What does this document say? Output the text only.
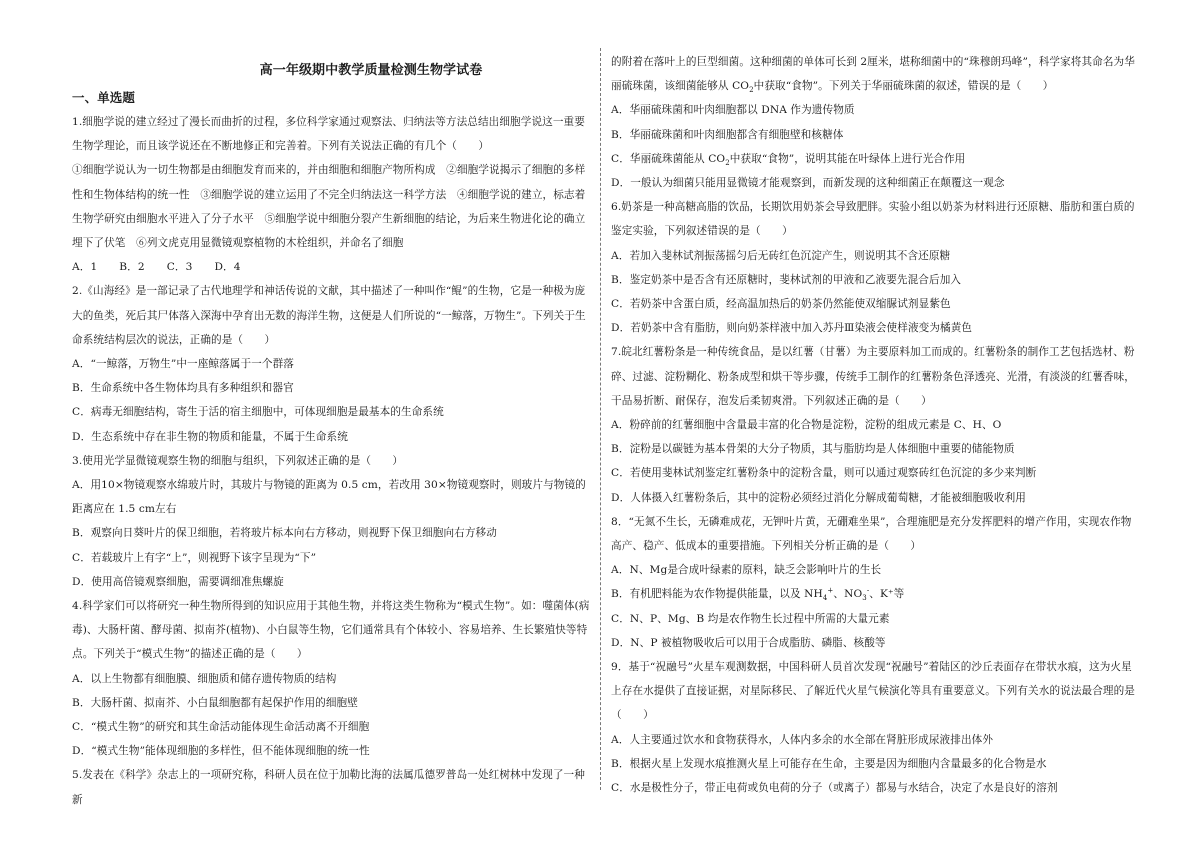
高一年级期中教学质量检测生物学试卷

一、单选题

1.细胞学说的建立经过了漫长而曲折的过程，多位科学家通过观察法、归纳法等方法总结出细胞学说这一重要生物学理论，而且该学说还在不断地修正和完善着。下列有关说法正确的有几个（　　）

①细胞学说认为一切生物都是由细胞发育而来的，并由细胞和细胞产物所构成　②细胞学说揭示了细胞的多样性和生物体结构的统一性　③细胞学说的建立运用了不完全归纳法这一科学方法　④细胞学说的建立，标志着生物学研究由细胞水平进入了分子水平　⑤细胞学说中细胞分裂产生新细胞的结论，为后来生物进化论的确立埋下了伏笔　⑥列文虎克用显微镜观察植物的木栓组织，并命名了细胞

A．1 B．2 C．3 D．4

2.《山海经》是一部记录了古代地理学和神话传说的文献，其中描述了一种叫作“鲲”的生物，它是一种极为庞大的鱼类，死后其尸体落入深海中孕育出无数的海洋生物，这便是人们所说的“一鲸落，万物生”。下列关于生命系统结构层次的说法，正确的是（　　）

A．“一鲸落，万物生”中一座鲸落属于一个群落

B．生命系统中各生物体均具有多种组织和器官

C．病毒无细胞结构，寄生于活的宿主细胞中，可体现细胞是最基本的生命系统

D．生态系统中存在非生物的物质和能量，不属于生命系统

3.使用光学显微镜观察生物的细胞与组织，下列叙述正确的是（　　）

A．用10×物镜观察水绵玻片时，其玻片与物镜的距离为 0.5 cm，若改用 30×物镜观察时，则玻片与物镜的距离应在 1.5 cm左右

B．观察向日葵叶片的保卫细胞，若将玻片标本向右方移动，则视野下保卫细胞向右方移动

C．若载玻片上有字“上”，则视野下该字呈现为“下”

D．使用高倍镜观察细胞，需要调细准焦螺旋

4.科学家们可以将研究一种生物所得到的知识应用于其他生物，并将这类生物称为“模式生物”。如：噬菌体(病毒)、大肠杆菌、酵母菌、拟南芥(植物)、小白鼠等生物，它们通常具有个体较小、容易培养、生长繁殖快等特点。下列关于“模式生物”的描述正确的是（　　）

A．以上生物都有细胞膜、细胞质和储存遗传物质的结构

B．大肠杆菌、拟南芥、小白鼠细胞都有起保护作用的细胞壁

C．“模式生物”的研究和其生命活动能体现生命活动离不开细胞

D．“模式生物”能体现细胞的多样性，但不能体现细胞的统一性

5.发表在《科学》杂志上的一项研究称，科研人员在位于加勒比海的法属瓜德罗普岛一处红树林中发现了一种新

的附着在落叶上的巨型细菌。这种细菌的单体可长到 2厘米，堪称细菌中的“珠穆朗玛峰”，科学家将其命名为华丽硫珠菌，该细菌能够从 $CO_2$中获取“食物”。下列关于华丽硫珠菌的叙述，错误的是（　　）

A．华丽硫珠菌和叶肉细胞都以 DNA 作为遗传物质

B．华丽硫珠菌和叶肉细胞都含有细胞壁和核糖体

C．华丽硫珠菌能从 $CO_2$中获取“食物”，说明其能在叶绿体上进行光合作用

D．一般认为细菌只能用显微镜才能观察到，而新发现的这种细菌正在颠覆这一观念

6.奶茶是一种高糖高脂的饮品，长期饮用奶茶会导致肥胖。实验小组以奶茶为材料进行还原糖、脂肪和蛋白质的鉴定实验，下列叙述错误的是（　　）

A．若加入斐林试剂振荡摇匀后无砖红色沉淀产生，则说明其不含还原糖

B．鉴定奶茶中是否含有还原糖时，斐林试剂的甲液和乙液要先混合后加入

C．若奶茶中含蛋白质，经高温加热后的奶茶仍然能使双缩脲试剂显紫色

D．若奶茶中含有脂肪，则向奶茶样液中加入苏丹Ⅲ染液会使样液变为橘黄色

7.皖北红薯粉条是一种传统食品，是以红薯（甘薯）为主要原料加工而成的。红薯粉条的制作工艺包括选材、粉碎、过滤、淀粉糊化、粉条成型和烘干等步骤，传统手工制作的红薯粉条色泽透亮、光滑，有淡淡的红薯香味，干品易折断、耐保存，泡发后柔韧爽滑。下列叙述正确的是（　　）

A．粉碎前的红薯细胞中含量最丰富的化合物是淀粉，淀粉的组成元素是 C、H、O

B．淀粉是以碳链为基本骨架的大分子物质，其与脂肪均是人体细胞中重要的储能物质

C．若使用斐林试剂鉴定红薯粉条中的淀粉含量，则可以通过观察砖红色沉淀的多少来判断

D．人体摄入红薯粉条后，其中的淀粉必须经过消化分解成葡萄糖，才能被细胞吸收利用

8．“无氮不生长，无磷难成花，无钾叶片黄，无硼难坐果”，合理施肥是充分发挥肥料的增产作用，实现农作物高产、稳产、低成本的重要措施。下列相关分析正确的是（　　）

A．N、Mg是合成叶绿素的原料，缺乏会影响叶片的生长

B．有机肥料能为农作物提供能量，以及 $NH_4^+$、$NO_3^-$、K⁺等

C．N、P、Mg、B 均是农作物生长过程中所需的大量元素

D．N、P 被植物吸收后可以用于合成脂肪、磷脂、核酸等

9．基于“祝融号”火星车观测数据，中国科研人员首次发现“祝融号”着陆区的沙丘表面存在带状水痕，这为火星上存在水提供了直接证据，对星际移民、了解近代火星气候演化等具有重要意义。下列有关水的说法最合理的是（　　）

A．人主要通过饮水和食物获得水，人体内多余的水全部在肾脏形成尿液排出体外

B．根据火星上发现水痕推测火星上可能存在生命，主要是因为细胞内含量最多的化合物是水

C．水是极性分子，带正电荷或负电荷的分子（或离子）都易与水结合，决定了水是良好的溶剂
